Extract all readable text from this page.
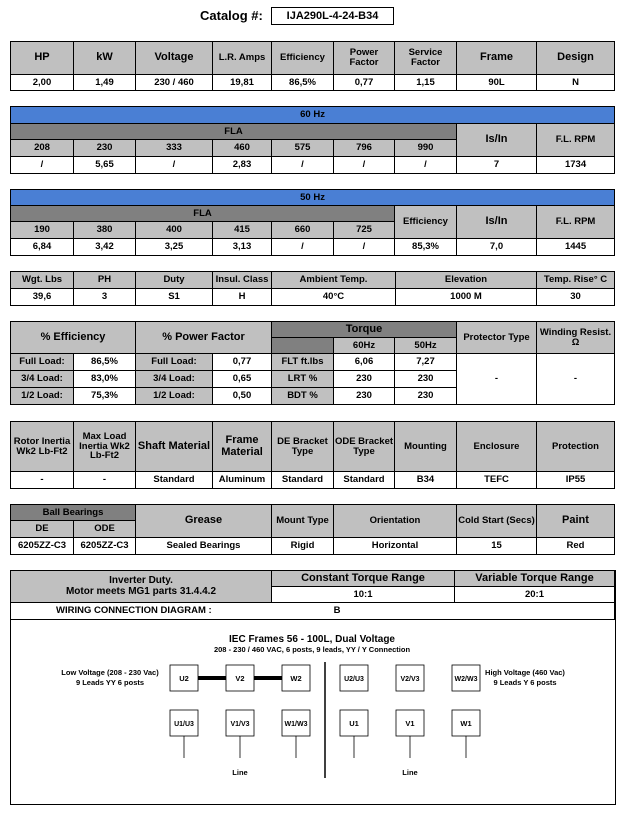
Catalog #:	IJA290L-4-24-B34
HP	kW	Voltage	L.R. Amps	Efficiency	Power Factor	Service Factor	Frame	Design
2,00	1,49	230 / 460	19,81	86,5%	0,77	1,15	90L	N
60 Hz								
FLA							Is/In	F.L. RPM
208	230	333	460	575	796	990		
/	5,65	/	2,83	/	/	/	7	1734
50 Hz								
FLA						Efficiency	Is/In	F.L. RPM
190	380	400	415	660	725			
6,84	3,42	3,25	3,13	/	/	85,3%	7,0	1445
Wgt. Lbs	PH	Duty	Insul. Class	Ambient Temp.	Elevation	Temp. Rise° C
39,6	3	S1	H	40°C	1000 M	30
% Efficiency		% Power Factor		Torque			Protector Type	Winding Resist. Ω
					60Hz	50Hz		
Full Load:	86,5%	Full Load:	0,77	FLT ft.lbs	6,06	7,27	-	-
3/4 Load:	83,0%	3/4 Load:	0,65	LRT %	230	230		
1/2 Load:	75,3%	1/2 Load:	0,50	BDT %	230	230		
Rotor Inertia Wk2 Lb-Ft2	Max Load Inertia Wk2 Lb-Ft2	Shaft Material	Frame Material	DE Bracket Type	ODE Bracket Type	Mounting	Enclosure	Protection
-	-	Standard	Aluminum	Standard	Standard	B34	TEFC	IP55
Ball Bearings		Grease	Mount Type	Orientation	Cold Start (Secs)	Paint
DE	ODE					
6205ZZ-C3	6205ZZ-C3	Sealed Bearings	Rigid	Horizontal	15	Red
Inverter Duty.
Motor meets MG1 parts 31.4.4.2	Constant Torque Range	Variable Torque Range
	10:1	20:1
WIRING CONNECTION DIAGRAM : B		
IEC Frames 56 - 100L, Dual Voltage
208 - 230 / 460 VAC, 6 posts, 9 leads, YY / Y Connection
Low Voltage (208 - 230 Vac)
9 Leads YY 6 posts
High Voltage (460 Vac)
9 Leads Y 6 posts
U2	V2	W2
U1/U3	V1/V3	W1/W3
Line
U2/U3	V2/V3	W2/W3
U1	V1	W1
Line
